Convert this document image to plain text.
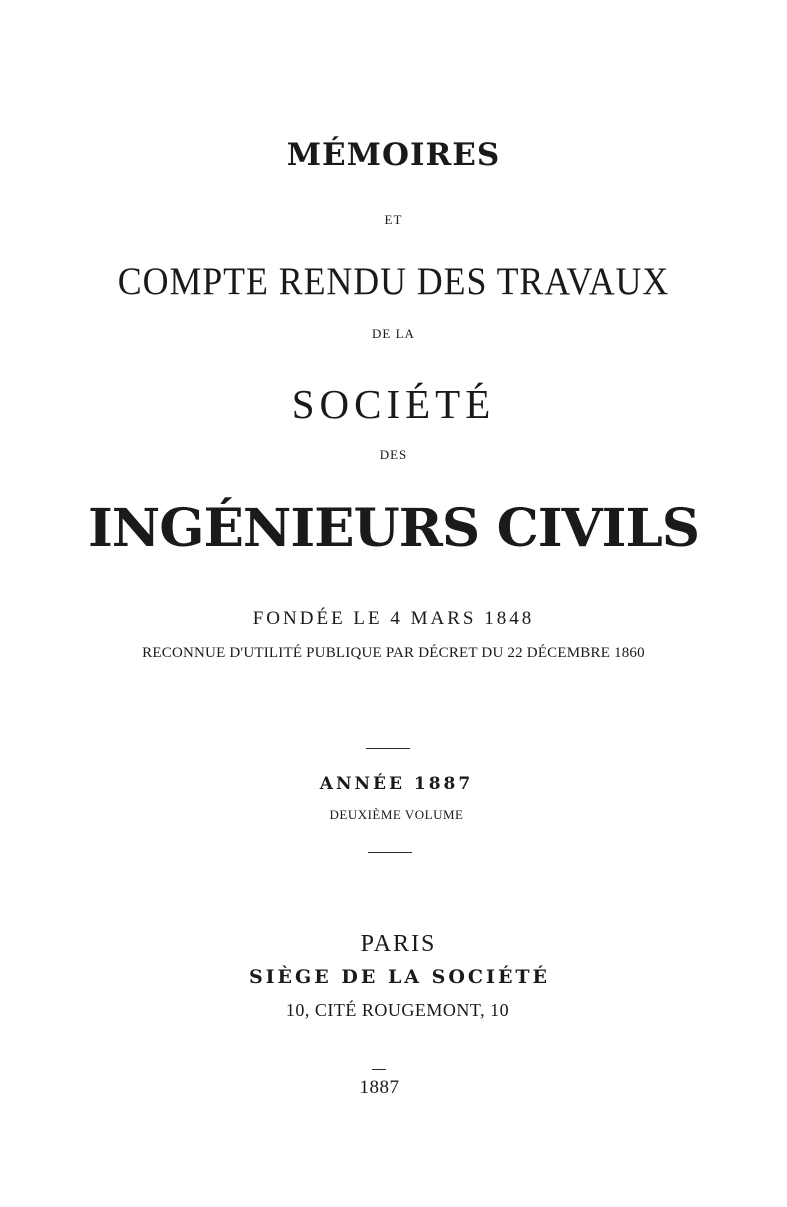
MÉMOIRES
ET
COMPTE RENDU DES TRAVAUX
DE LA
SOCIÉTÉ
DES
INGÉNIEURS CIVILS
FONDÉE LE 4 MARS 1848
RECONNUE D'UTILITÉ PUBLIQUE PAR DÉCRET DU 22 DÉCEMBRE 1860
ANNÉE 1887
DEUXIÈME VOLUME
PARIS
SIÈGE DE LA SOCIÉTÉ
10, CITÉ ROUGEMONT, 10
1887
